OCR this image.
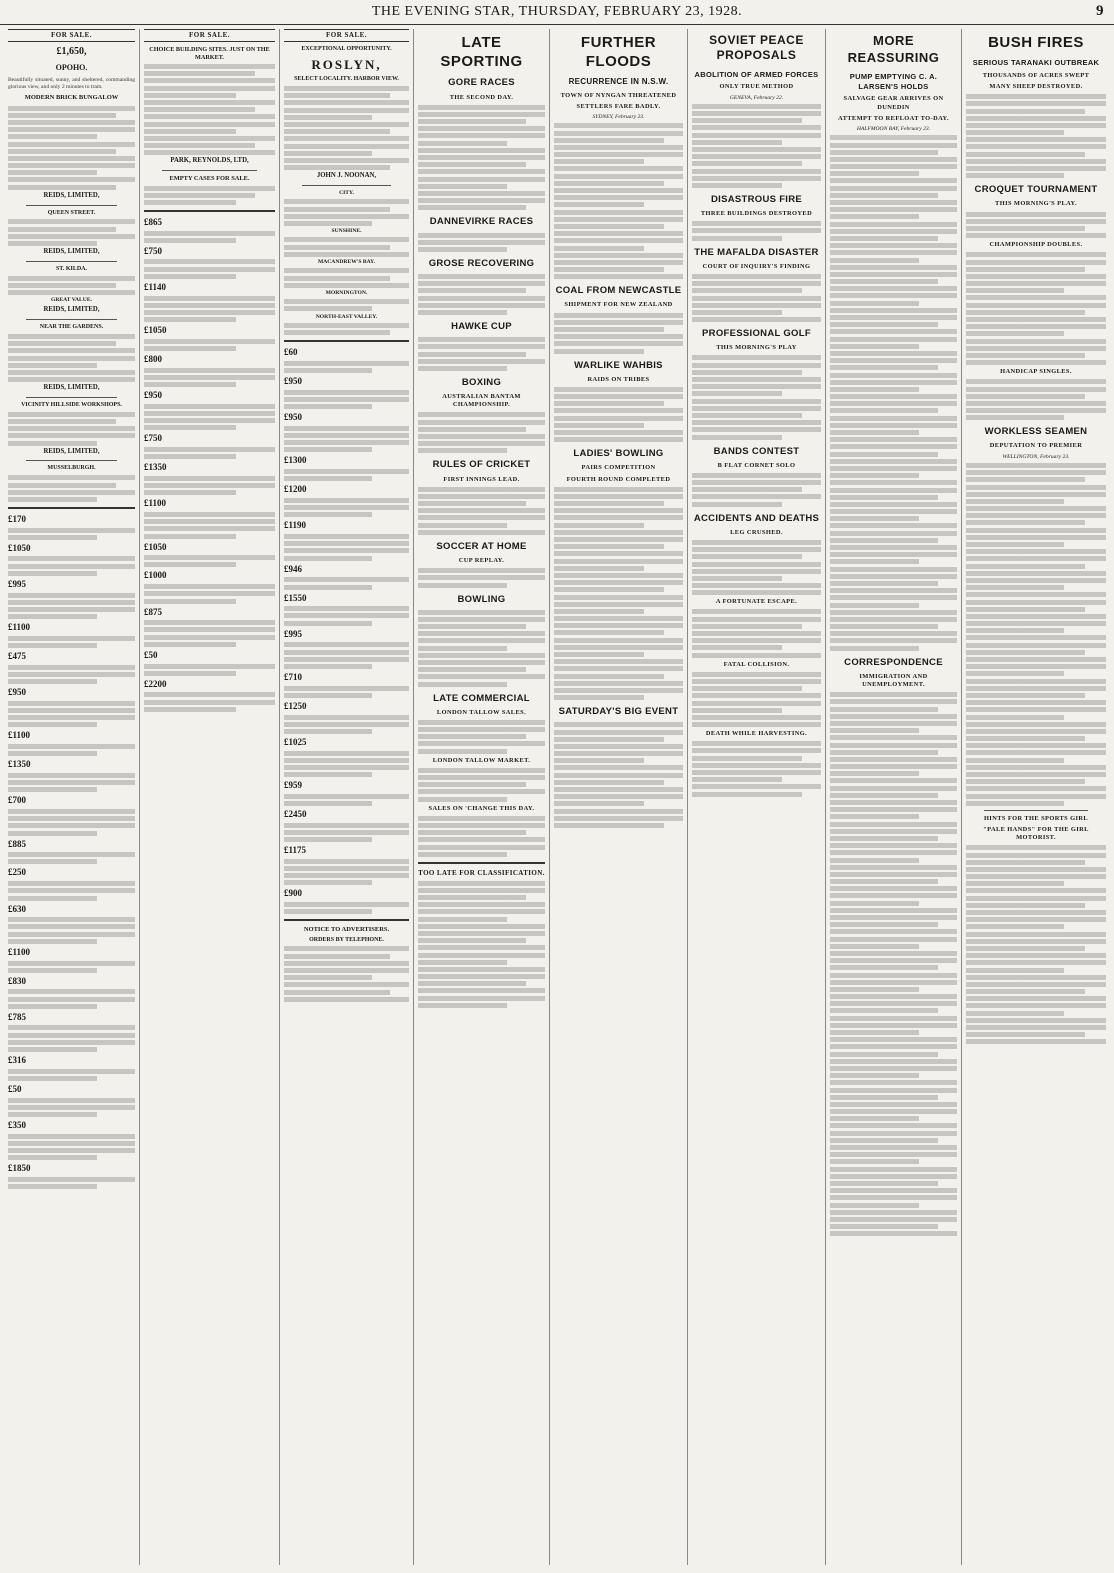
THE EVENING STAR, THURSDAY, FEBRUARY 23, 1928.	9
FOR SALE.
£1,650,
OPOHO.
Beautifully situated, sunny, and sheltered, commanding glorious view, and only 2 minutes to tram.
MODERN BRICK BUNGALOW
REIDS, LIMITED,
QUEEN STREET.
REIDS, LIMITED,
ST. KILDA.
GREAT VALUE.
REIDS, LIMITED,
NEAR THE GARDENS.
REIDS, LIMITED,
VICINITY HILLSIDE WORKSHOPS.
REIDS, LIMITED,
MUSSELBURGH.
£170
£1050
£995
£1100
£475
£950
£1100
£1350
£700
£885
£250
£630
£1100
£830
£785
£316
£50
£350
£1850
FOR SALE.
CHOICE BUILDING SITES. JUST ON THE MARKET.
PARK, REYNOLDS, LTD,
EMPTY CASES FOR SALE.
£865
£750
£1140
£1050
£800
£950
£750
£1350
£1100
£1050
£1000
£875
£50
£2200
FOR SALE.
EXCEPTIONAL OPPORTUNITY.
ROSLYN,
SELECT LOCALITY. HARBOR VIEW.
JOHN J. NOONAN,
CITY.
SUNSHINE.
MACANDREW'S BAY.
MORNINGTON.
NORTH-EAST VALLEY.
£60
£950
£950
£1300
£1200
£1190
£946
£1550
£995
£710
£1250
£1025
£959
£2450
£1175
£900
NOTICE TO ADVERTISERS.
ORDERS BY TELEPHONE.
LATE SPORTING
GORE RACES
THE SECOND DAY.
DANNEVIRKE RACES
GROSE RECOVERING
HAWKE CUP
BOXING
AUSTRALIAN BANTAM CHAMPIONSHIP.
RULES OF CRICKET
FIRST INNINGS LEAD.
SOCCER AT HOME
CUP REPLAY.
BOWLING
LATE COMMERCIAL
LONDON TALLOW SALES.
LONDON TALLOW MARKET.
SALES ON 'CHANGE THIS DAY.
TOO LATE FOR CLASSIFICATION.
FURTHER FLOODS
RECURRENCE IN N.S.W.
TOWN OF NYNGAN THREATENED
SETTLERS FARE BADLY.
SYDNEY, February 23.
COAL FROM NEWCASTLE
SHIPMENT FOR NEW ZEALAND
WARLIKE WAHBIS
RAIDS ON TRIBES
LADIES' BOWLING
PAIRS COMPETITION
FOURTH ROUND COMPLETED
SATURDAY'S BIG EVENT
SOVIET PEACE PROPOSALS
ABOLITION OF ARMED FORCES
ONLY TRUE METHOD
GENEVA, February 22.
DISASTROUS FIRE
THREE BUILDINGS DESTROYED
THE MAFALDA DISASTER
COURT OF INQUIRY'S FINDING
PROFESSIONAL GOLF
THIS MORNING'S PLAY
BANDS CONTEST
B FLAT CORNET SOLO
ACCIDENTS AND DEATHS
LEG CRUSHED.
A FORTUNATE ESCAPE.
FATAL COLLISION.
DEATH WHILE HARVESTING.
MORE REASSURING
PUMP EMPTYING C. A. LARSEN'S HOLDS
SALVAGE GEAR ARRIVES ON DUNEDIN
ATTEMPT TO REFLOAT TO-DAY.
HALFMOON BAY, February 23.
CORRESPONDENCE
IMMIGRATION AND UNEMPLOYMENT.
BUSH FIRES
SERIOUS TARANAKI OUTBREAK
THOUSANDS OF ACRES SWEPT
MANY SHEEP DESTROYED.
CROQUET TOURNAMENT
THIS MORNING'S PLAY.
CHAMPIONSHIP DOUBLES.
HANDICAP SINGLES.
WORKLESS SEAMEN
DEPUTATION TO PREMIER
WELLINGTON, February 23.
HINTS FOR THE SPORTS GIRL
"PALE HANDS" FOR THE GIRL MOTORIST.
